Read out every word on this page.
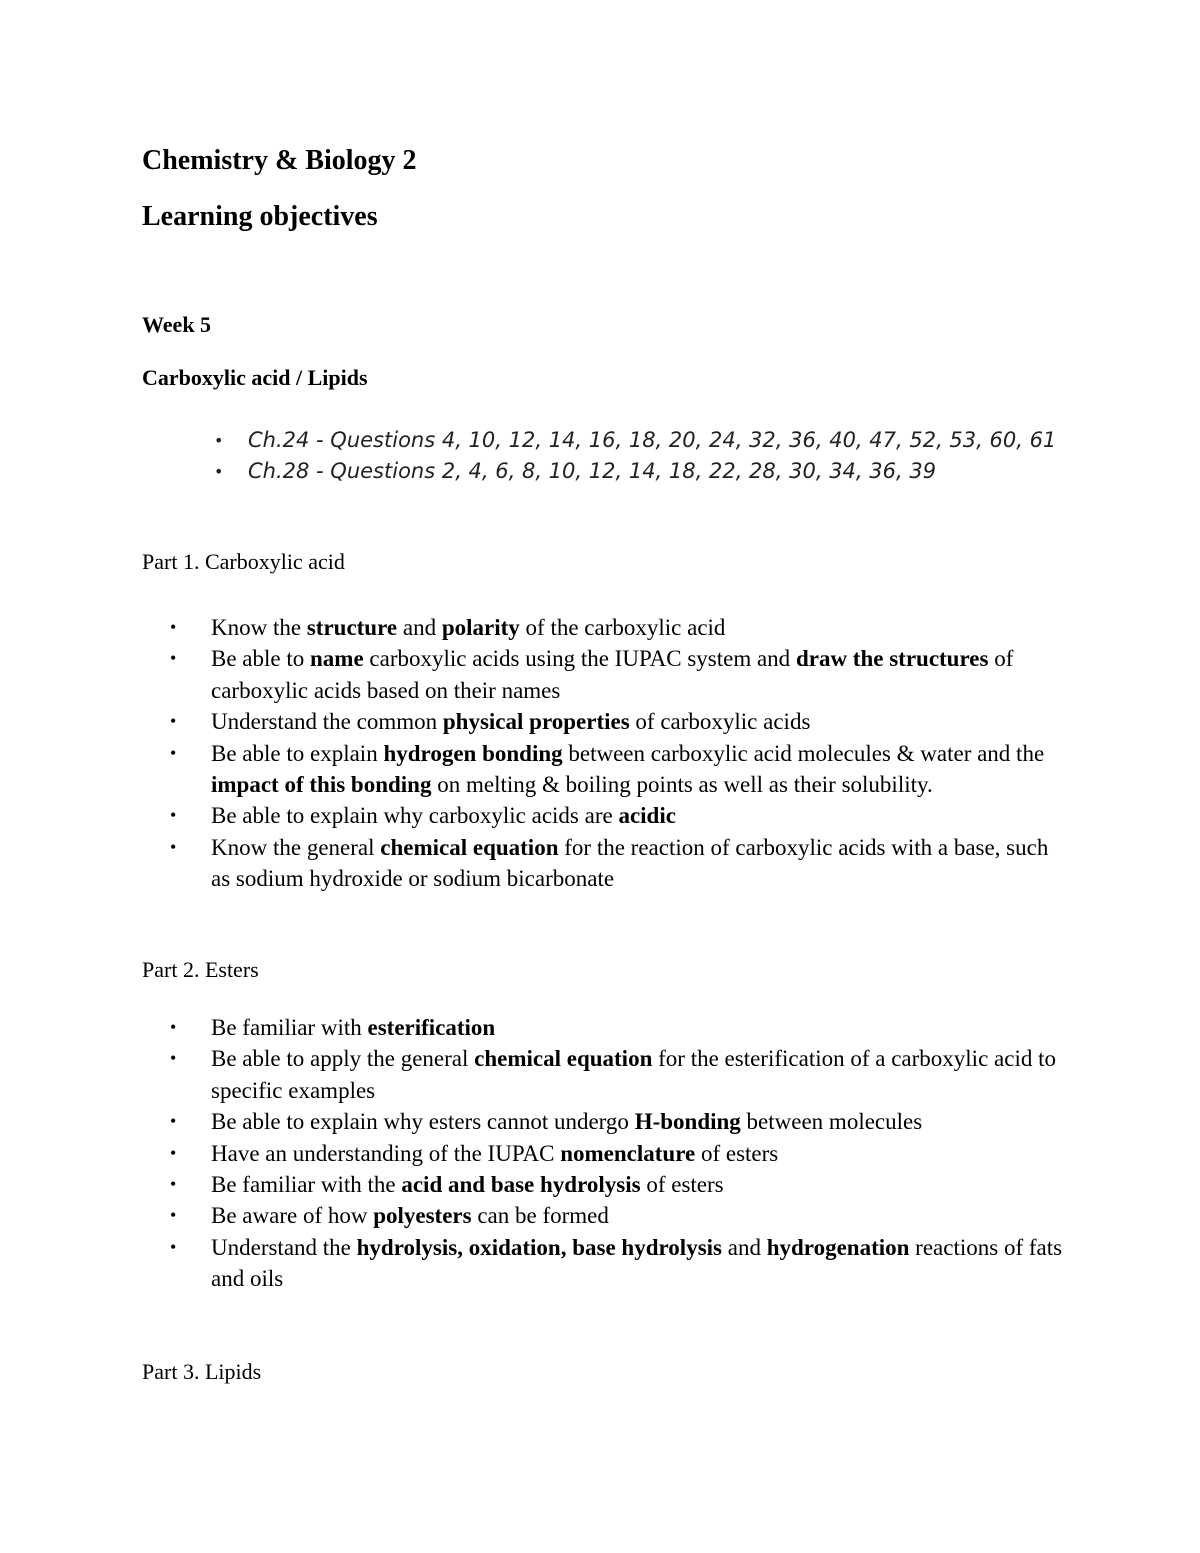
Chemistry & Biology 2
Learning objectives

Week 5

Carboxylic acid / Lipids

• Ch.24 - Questions 4, 10, 12, 14, 16, 18, 20, 24, 32, 36, 40, 47, 52, 53, 60, 61
• Ch.28 - Questions 2, 4, 6, 8, 10, 12, 14, 18, 22, 28, 30, 34, 36, 39

Part 1. Carboxylic acid

• Know the structure and polarity of the carboxylic acid
• Be able to name carboxylic acids using the IUPAC system and draw the structures of carboxylic acids based on their names
• Understand the common physical properties of carboxylic acids
• Be able to explain hydrogen bonding between carboxylic acid molecules & water and the impact of this bonding on melting & boiling points as well as their solubility.
• Be able to explain why carboxylic acids are acidic
• Know the general chemical equation for the reaction of carboxylic acids with a base, such as sodium hydroxide or sodium bicarbonate

Part 2. Esters

• Be familiar with esterification
• Be able to apply the general chemical equation for the esterification of a carboxylic acid to specific examples
• Be able to explain why esters cannot undergo H-bonding between molecules
• Have an understanding of the IUPAC nomenclature of esters
• Be familiar with the acid and base hydrolysis of esters
• Be aware of how polyesters can be formed
• Understand the hydrolysis, oxidation, base hydrolysis and hydrogenation reactions of fats and oils

Part 3. Lipids
